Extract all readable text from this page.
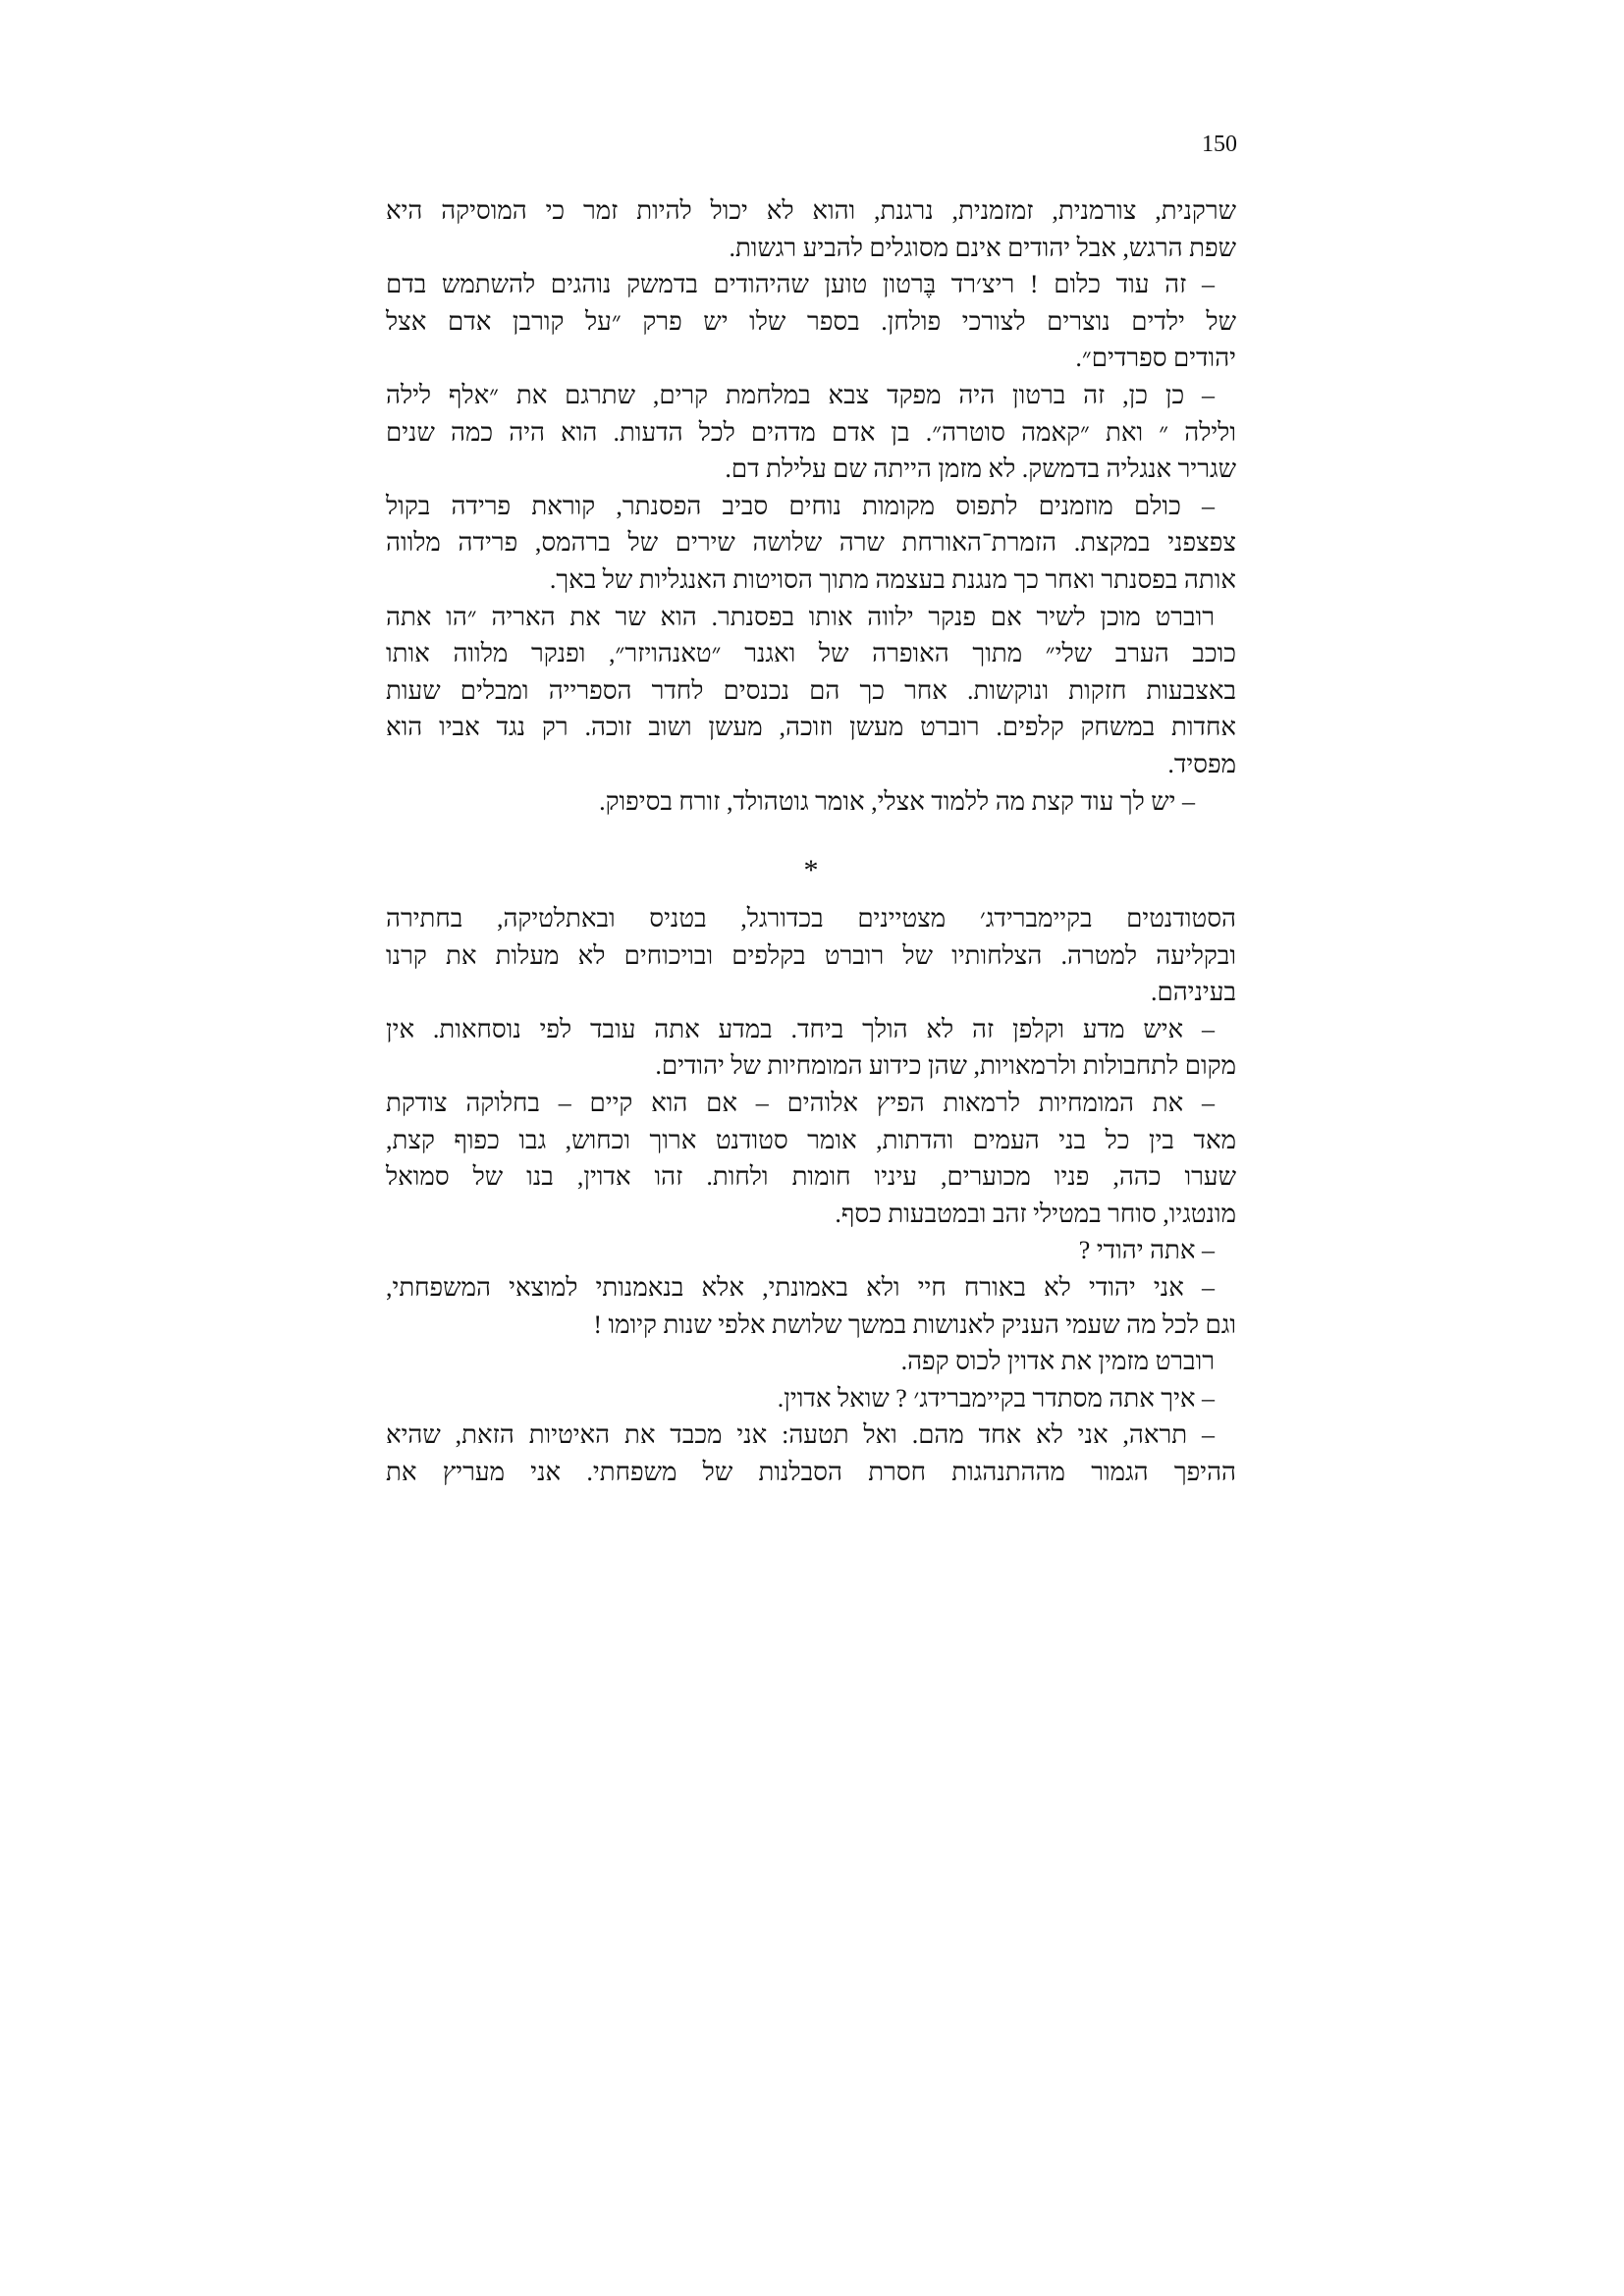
150
שרקנית, צורמנית, זמזמנית, נרגנת, והוא לא יכול להיות זמר כי המוסיקה היא
שפת הרגש, אבל יהודים אינם מסוגלים להביע רגשות.
– זה עוד כלום ! ריצ׳רד בֶּרטון טוען שהיהודים בדמשק נוהגים להשתמש בדם
של ילדים נוצרים לצורכי פולחן. בספר שלו יש פרק ״על קורבן אדם אצל
יהודים ספרדים״.
– כן כן, זה ברטון היה מפקד צבא במלחמת קרים, שתרגם את ״אלף לילה
ולילה ״ ואת ״קאמה סוטרה״. בן אדם מדהים לכל הדעות. הוא היה כמה שנים
שגריר אנגליה בדמשק. לא מזמן הייתה שם עלילת דם.
– כולם מוזמנים לתפוס מקומות נוחים סביב הפסנתר, קוראת פרידה בקול
צפצפני במקצת. הזמרת־האורחת שרה שלושה שירים של ברהמס, פרידה מלווה
אותה בפסנתר ואחר כך מנגנת בעצמה מתוך הסויטות האנגליות של באך.
רוברט מוכן לשיר אם פנקר ילווה אותו בפסנתר. הוא שר את האריה ״הו אתה
כוכב הערב שלי״ מתוך האופרה של ואגנר ״טאנהויזר״, ופנקר מלווה אותו
באצבעות חזקות ונוקשות. אחר כך הם נכנסים לחדר הספרייה ומבלים שעות
אחדות במשחק קלפים. רוברט מעשן וזוכה, מעשן ושוב זוכה. רק נגד אביו הוא
מפסיד.
– יש לך עוד קצת מה ללמוד אצלי, אומר גוטהולד, זורח בסיפוק.
*
הסטודנטים בקיימברידג׳ מצטיינים בכדורגל, בטניס ובאתלטיקה, בחתירה
ובקליעה למטרה. הצלחותיו של רוברט בקלפים ובויכוחים לא מעלות את קרנו
בעיניהם.
– איש מדע וקלפן זה לא הולך ביחד. במדע אתה עובד לפי נוסחאות. אין
מקום לתחבולות ולרמאויות, שהן כידוע המומחיות של יהודים.
– את המומחיות לרמאות הפיץ אלוהים – אם הוא קיים – בחלוקה צודקת
מאד בין כל בני העמים והדתות, אומר סטודנט ארוך וכחוש, גבו כפוף קצת,
שערו כהה, פניו מכוערים, עיניו חומות ולחות. זהו אדוין, בנו של סמואל
מונטגיו, סוחר במטילי זהב ובמטבעות כסף.
– אתה יהודי ?
– אני יהודי לא באורח חיי ולא באמונתי, אלא בנאמנותי למוצאי המשפחתי,
וגם לכל מה שעמי העניק לאנושות במשך שלושת אלפי שנות קיומו !
רוברט מזמין את אדוין לכוס קפה.
– איך אתה מסתדר בקיימברידג׳ ? שואל אדוין.
– תראה, אני לא אחד מהם. ואל תטעה: אני מכבד את האיטיות הזאת, שהיא
ההיפך הגמור מההתנהגות חסרת הסבלנות של משפחתי. אני מעריץ את
